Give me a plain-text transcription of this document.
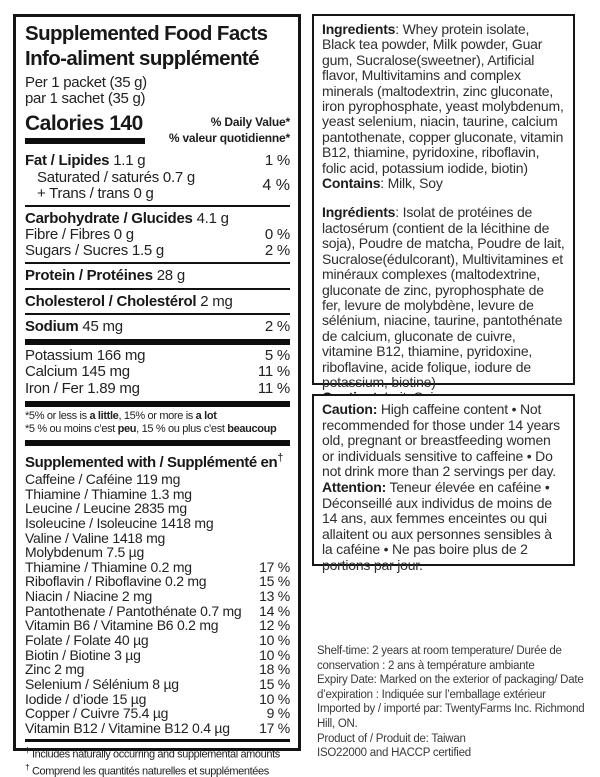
Supplemented Food Facts
Info-aliment supplémenté
Per 1 packet (35 g)
par 1 sachet (35 g)
Calories 140	% Daily Value*
% valeur quotidienne*
Fat / Lipides 1.1 g	1 %
Saturated / saturés 0.7 g
+ Trans / trans 0 g	4 %
Carbohydrate / Glucides 4.1 g
Fibre / Fibres 0 g	0 %
Sugars / Sucres 1.5 g	2 %
Protein / Protéines 28 g
Cholesterol / Cholestérol 2 mg
Sodium 45 mg	2 %
Potassium 166 mg	5 %
Calcium 145 mg	11 %
Iron / Fer 1.89 mg	11 %
*5% or less is a little, 15% or more is a lot
*5 % ou moins c’est peu, 15 % ou plus c’est beaucoup
Supplemented with / Supplémenté en†
Caffeine / Caféine 119 mg
Thiamine / Thiamine 1.3 mg
Leucine / Leucine 2835 mg
Isoleucine / Isoleucine 1418 mg
Valine / Valine 1418 mg
Molybdenum 7.5 µg
Thiamine / Thiamine 0.2 mg	17 %
Riboflavin / Riboflavine 0.2 mg	15 %
Niacin / Niacine 2 mg	13 %
Pantothenate / Pantothénate 0.7 mg 14 %
Vitamin B6 / Vitamine B6 0.2 mg	12 %
Folate / Folate 40 µg	10 %
Biotin / Biotine 3 µg	10 %
Zinc 2 mg	18 %
Selenium / Sélénium 8 µg	15 %
Iodide / d’iode 15 µg	10 %
Copper / Cuivre 75.4 µg	9 %
Vitamin B12 / Vitamine B12 0.4 µg 17 %
† Includes naturally occurring and supplemental amounts
† Comprend les quantités naturelles et supplémentées
Ingredients: Whey protein isolate, Black tea powder, Milk powder, Guar gum, Sucralose(sweetner), Artificial flavor, Multivitamins and complex minerals (maltodextrin, zinc gluconate, iron pyrophosphate, yeast molybdenum, yeast selenium, niacin, taurine, calcium pantothenate, copper gluconate, vitamin B12, thiamine, pyridoxine, riboflavin, folic acid, potassium iodide, biotin)
Contains: Milk, Soy
Ingrédients: Isolat de protéines de lactosérum (contient de la lécithine de soja), Poudre de matcha, Poudre de lait, Sucralose(édulcorant), Multivitamines et minéraux complexes (maltodextrine, gluconate de zinc, pyrophosphate de fer, levure de molybdène, levure de sélénium, niacine, taurine, pantothénate de calcium, gluconate de cuivre, vitamine B12, thiamine, pyridoxine, riboflavine, acide folique, iodure de potassium, biotine)
Caution: High caffeine content • Not recommended for those under 14 years old, pregnant or breastfeeding women or individuals sensitive to caffeine • Do not drink more than 2 servings per day.
Attention: Teneur élevée en caféine • Déconseillé aux individus de moins de 14 ans, aux femmes enceintes ou qui allaitent ou aux personnes sensibles à la caféine • Ne pas boire plus de 2 portions par jour.
Shelf-time: 2 years at room temperature/ Durée de conservation : 2 ans à température ambiante
Expiry Date: Marked on the exterior of packaging/ Date d’expiration : Indiquée sur l’emballage extérieur
Imported by / importé par: TwentyFarms Inc. Richmond Hill, ON.
Product of / Produit de: Taiwan
ISO22000 and HACCP certified
